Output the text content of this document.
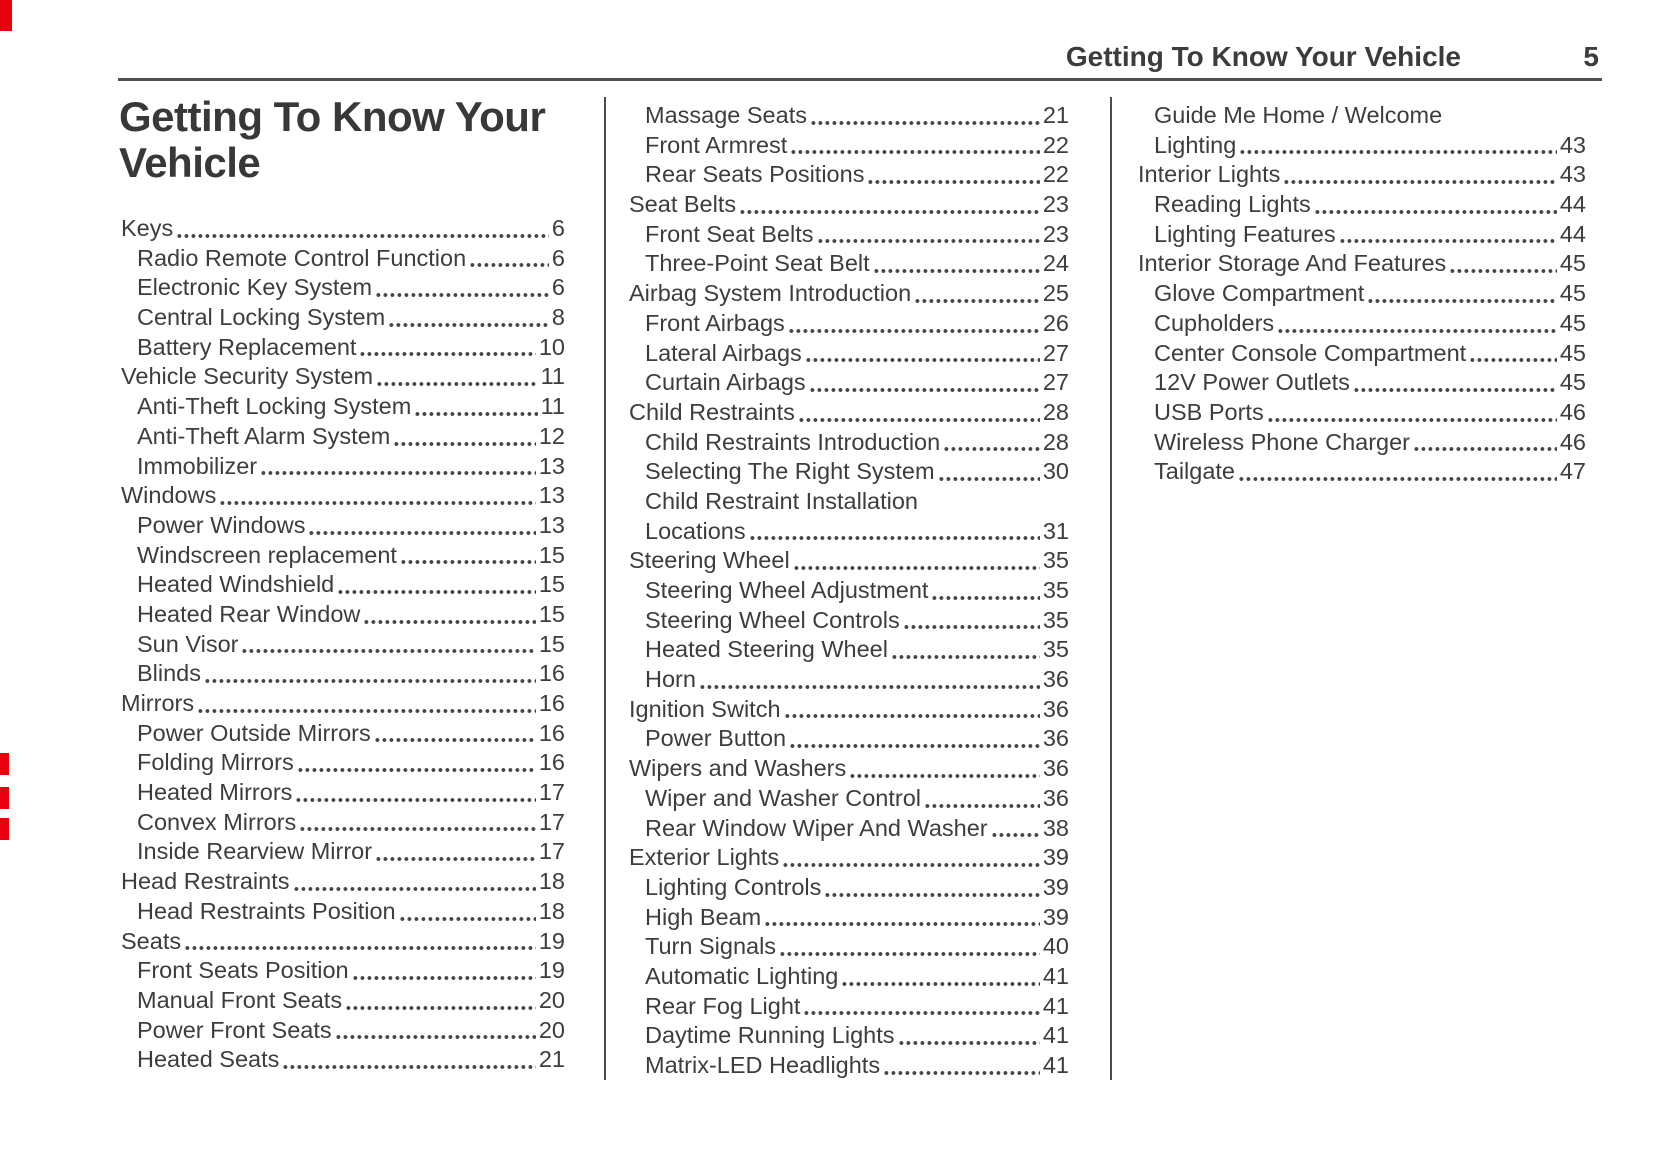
Getting To Know Your Vehicle	5
Getting To Know Your
Vehicle
Keys	6
Radio Remote Control Function	6
Electronic Key System	6
Central Locking System	8
Battery Replacement	10
Vehicle Security System	11
Anti-Theft Locking System	11
Anti-Theft Alarm System	12
Immobilizer	13
Windows	13
Power Windows	13
Windscreen replacement	15
Heated Windshield	15
Heated Rear Window	15
Sun Visor	15
Blinds	16
Mirrors	16
Power Outside Mirrors	16
Folding Mirrors	16
Heated Mirrors	17
Convex Mirrors	17
Inside Rearview Mirror	17
Head Restraints	18
Head Restraints Position	18
Seats	19
Front Seats Position	19
Manual Front Seats	20
Power Front Seats	20
Heated Seats	21
Massage Seats	21
Front Armrest	22
Rear Seats Positions	22
Seat Belts	23
Front Seat Belts	23
Three-Point Seat Belt	24
Airbag System Introduction	25
Front Airbags	26
Lateral Airbags	27
Curtain Airbags	27
Child Restraints	28
Child Restraints Introduction	28
Selecting The Right System	30
Child Restraint Installation
Locations	31
Steering Wheel	35
Steering Wheel Adjustment	35
Steering Wheel Controls	35
Heated Steering Wheel	35
Horn	36
Ignition Switch	36
Power Button	36
Wipers and Washers	36
Wiper and Washer Control	36
Rear Window Wiper And Washer 38
Exterior Lights	39
Lighting Controls	39
High Beam	39
Turn Signals	40
Automatic Lighting	41
Rear Fog Light	41
Daytime Running Lights	41
Matrix-LED Headlights	41
Guide Me Home / Welcome
Lighting	43
Interior Lights	43
Reading Lights	44
Lighting Features	44
Interior Storage And Features	45
Glove Compartment	45
Cupholders	45
Center Console Compartment	45
12V Power Outlets	45
USB Ports	46
Wireless Phone Charger	46
Tailgate	47
